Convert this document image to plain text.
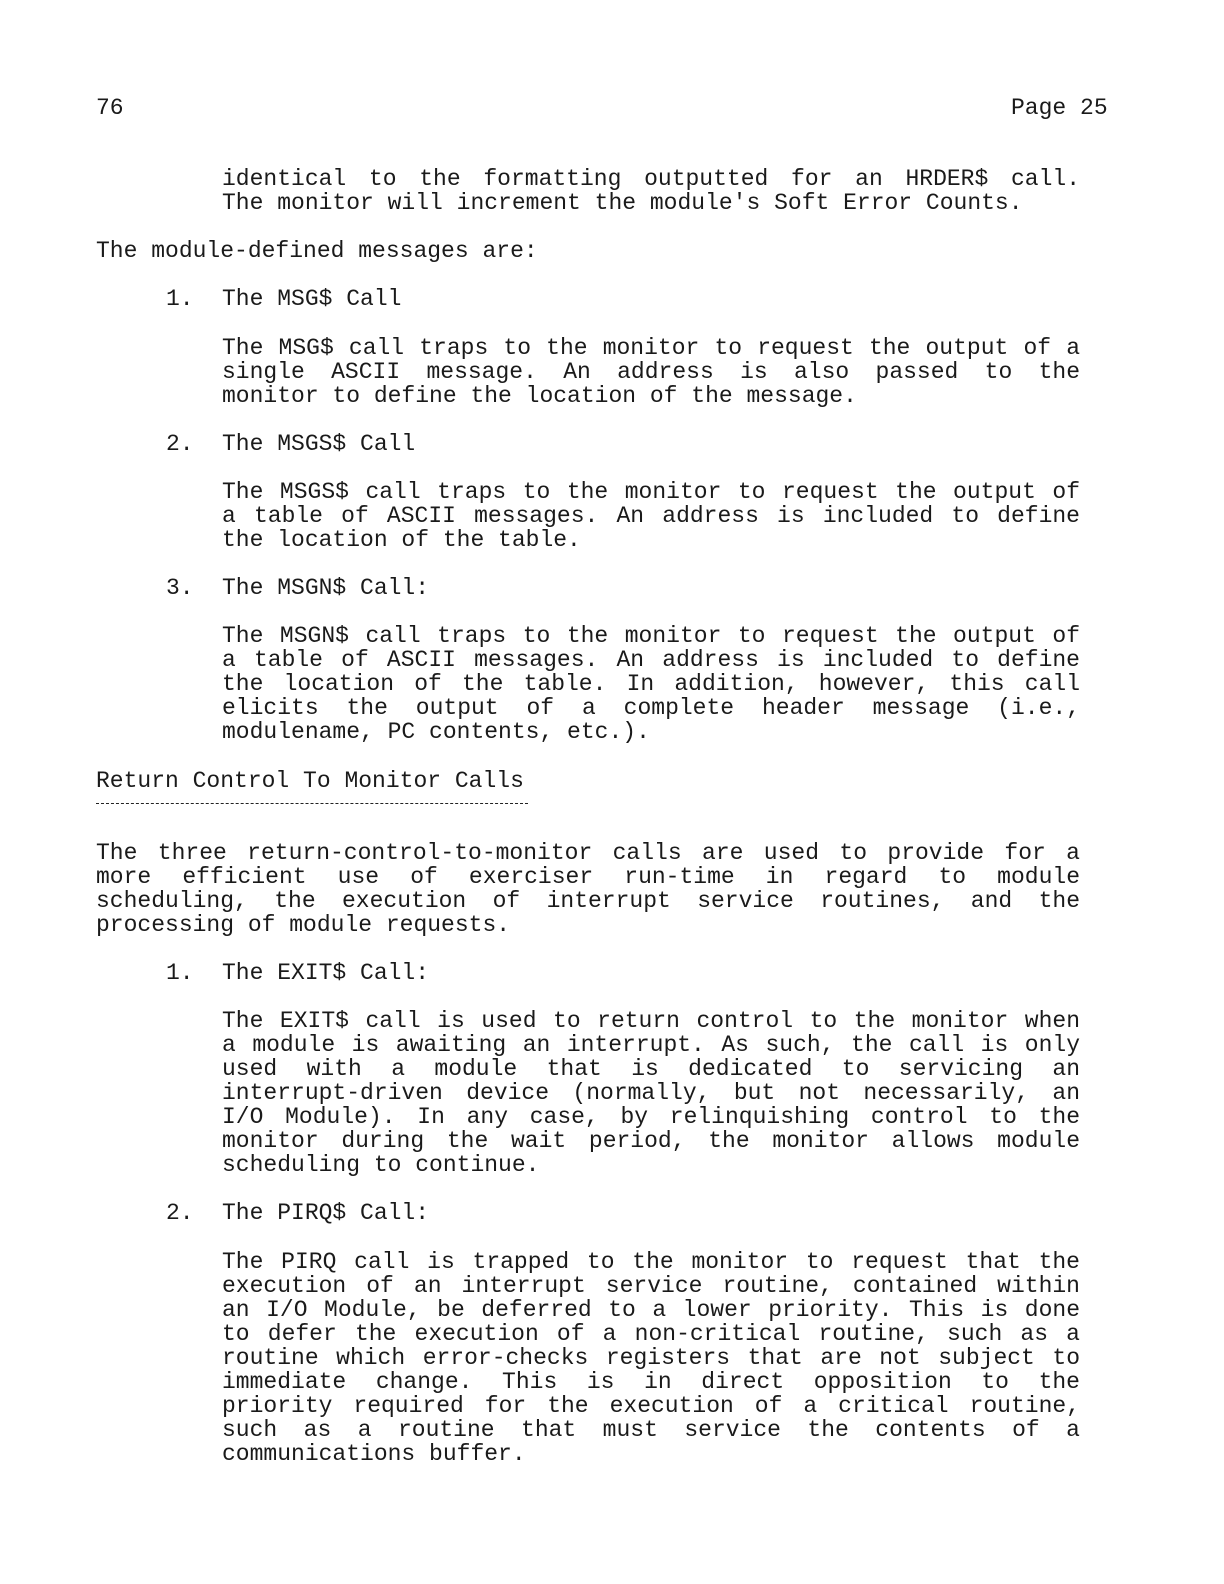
76	Page 25
identical to the formatting outputted for an HRDER$ call.
The monitor will increment the module's Soft Error Counts.
The module-defined messages are:
1. The MSG$ Call
The MSG$ call traps to the monitor to request the output of a
single ASCII message. An address is also passed to the
monitor to define the location of the message.
2. The MSGS$ Call
The MSGS$ call traps to the monitor to request the output of
a table of ASCII messages. An address is included to define
the location of the table.
3. The MSGN$ Call:
The MSGN$ call traps to the monitor to request the output of
a table of ASCII messages. An address is included to define
the location of the table. In addition, however, this call
elicits the output of a complete header message (i.e.,
modulename, PC contents, etc.).
Return Control To Monitor Calls
The three return-control-to-monitor calls are used to provide for a
more efficient use of exerciser run-time in regard to module
scheduling, the execution of interrupt service routines, and the
processing of module requests.
1. The EXIT$ Call:
The EXIT$ call is used to return control to the monitor when
a module is awaiting an interrupt. As such, the call is only
used with a module that is dedicated to servicing an
interrupt-driven device (normally, but not necessarily, an
I/O Module). In any case, by relinquishing control to the
monitor during the wait period, the monitor allows module
scheduling to continue.
2. The PIRQ$ Call:
The PIRQ call is trapped to the monitor to request that the
execution of an interrupt service routine, contained within
an I/O Module, be deferred to a lower priority. This is done
to defer the execution of a non-critical routine, such as a
routine which error-checks registers that are not subject to
immediate change. This is in direct opposition to the
priority required for the execution of a critical routine,
such as a routine that must service the contents of a
communications buffer.
